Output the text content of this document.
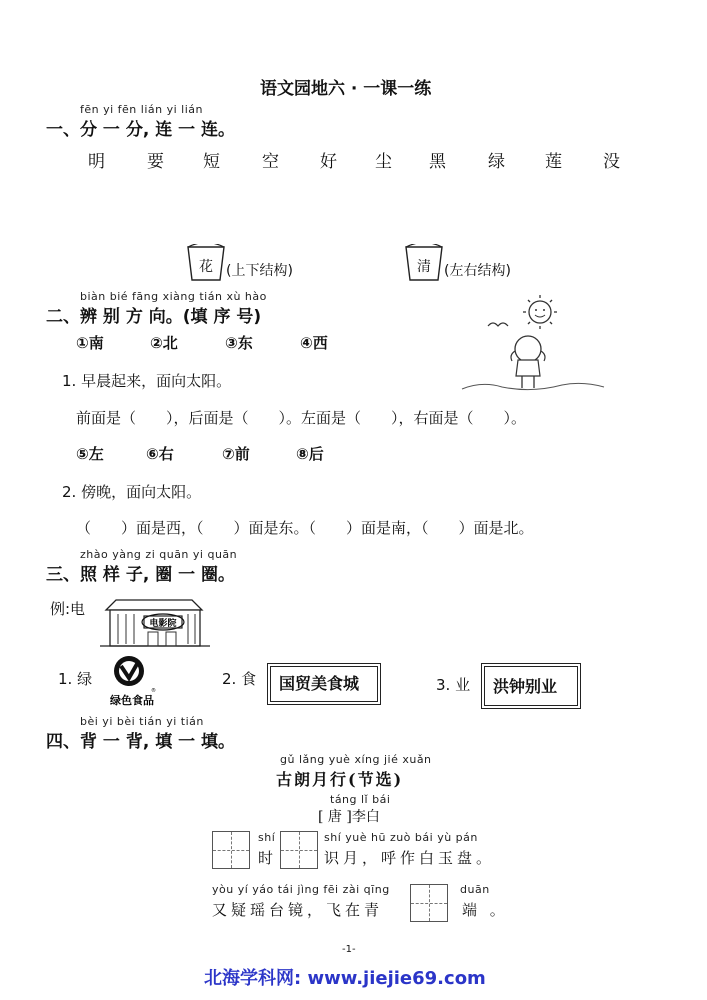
语文园地六 · 一课一练
fēn yi fēn lián yi lián
一、分 一 分, 连 一 连。
明 要 短 空 好 尘 黑 绿 莲 没
花 (上下结构)	清 (左右结构)
biàn bié fāng xiàng tián xù hào
二、辨 别 方 向。(填 序 号)
①南	②北	③东	④西
1. 早晨起来，面向太阳。
前面是（　　），后面是（　　）。左面是（　　），右面是（　　）。
⑤左	⑥右	⑦前	⑧后
2. 傍晚，面向太阳。
（　　）面是西，（　　）面是东。（　　）面是南，（　　）面是北。
zhào yàng zi quān yi quān
三、照 样 子, 圈 一 圈。
例:电
电影院
1. 绿
®
绿色食品
2. 食	国贸美食城	3. 业	洪钟别业
bèi yi bèi tián yi tián
四、背 一 背, 填 一 填。
gǔ lǎng yuè xíng jié xuǎn
古朗月行(节选)
táng lǐ bái
[ 唐 ]李白
shí
时
shí yuè hū zuò bái yù pán
识月，呼作白玉盘。
yòu yí yáo tái jìng fēi zài qīng
又疑瑶台镜，飞在青
duān
端 。
-1-
北海学科网: www.jiejie69.com
